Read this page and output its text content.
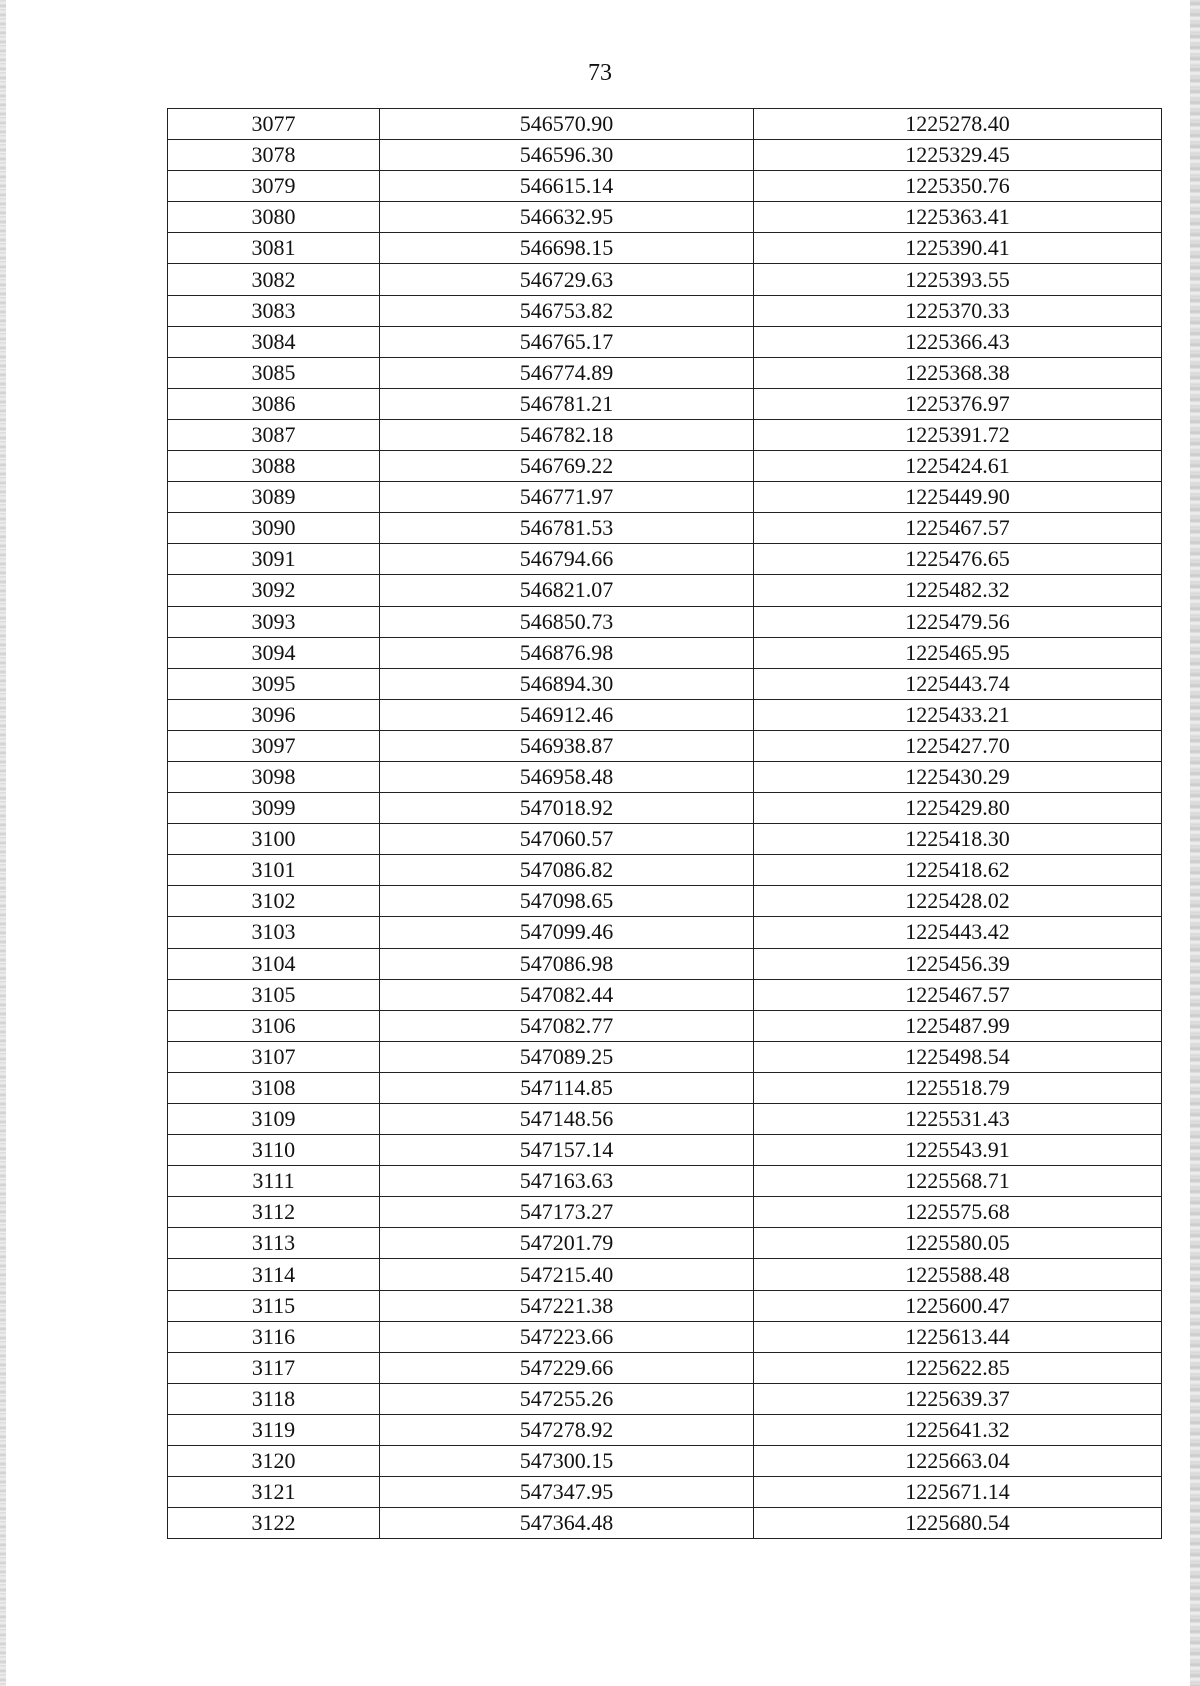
73
3077	546570.90	1225278.40
3078	546596.30	1225329.45
3079	546615.14	1225350.76
3080	546632.95	1225363.41
3081	546698.15	1225390.41
3082	546729.63	1225393.55
3083	546753.82	1225370.33
3084	546765.17	1225366.43
3085	546774.89	1225368.38
3086	546781.21	1225376.97
3087	546782.18	1225391.72
3088	546769.22	1225424.61
3089	546771.97	1225449.90
3090	546781.53	1225467.57
3091	546794.66	1225476.65
3092	546821.07	1225482.32
3093	546850.73	1225479.56
3094	546876.98	1225465.95
3095	546894.30	1225443.74
3096	546912.46	1225433.21
3097	546938.87	1225427.70
3098	546958.48	1225430.29
3099	547018.92	1225429.80
3100	547060.57	1225418.30
3101	547086.82	1225418.62
3102	547098.65	1225428.02
3103	547099.46	1225443.42
3104	547086.98	1225456.39
3105	547082.44	1225467.57
3106	547082.77	1225487.99
3107	547089.25	1225498.54
3108	547114.85	1225518.79
3109	547148.56	1225531.43
3110	547157.14	1225543.91
3111	547163.63	1225568.71
3112	547173.27	1225575.68
3113	547201.79	1225580.05
3114	547215.40	1225588.48
3115	547221.38	1225600.47
3116	547223.66	1225613.44
3117	547229.66	1225622.85
3118	547255.26	1225639.37
3119	547278.92	1225641.32
3120	547300.15	1225663.04
3121	547347.95	1225671.14
3122	547364.48	1225680.54
